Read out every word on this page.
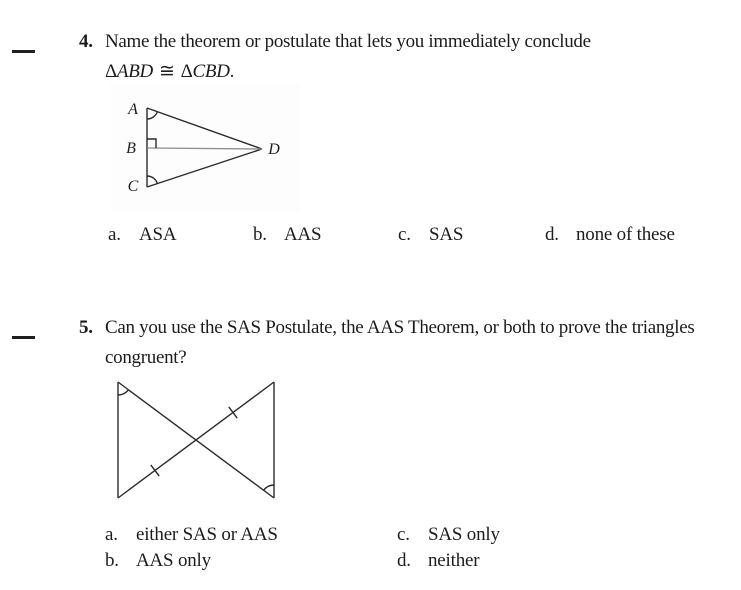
4. Name the theorem or postulate that lets you immediately conclude
ΔABD ≅ ΔCBD.
A
B
C
D
a. ASA	b. AAS	c. SAS	d. none of these
5. Can you use the SAS Postulate, the AAS Theorem, or both to prove the triangles
congruent?
a. either SAS or AAS
b. AAS only
c. SAS only
d. neither
